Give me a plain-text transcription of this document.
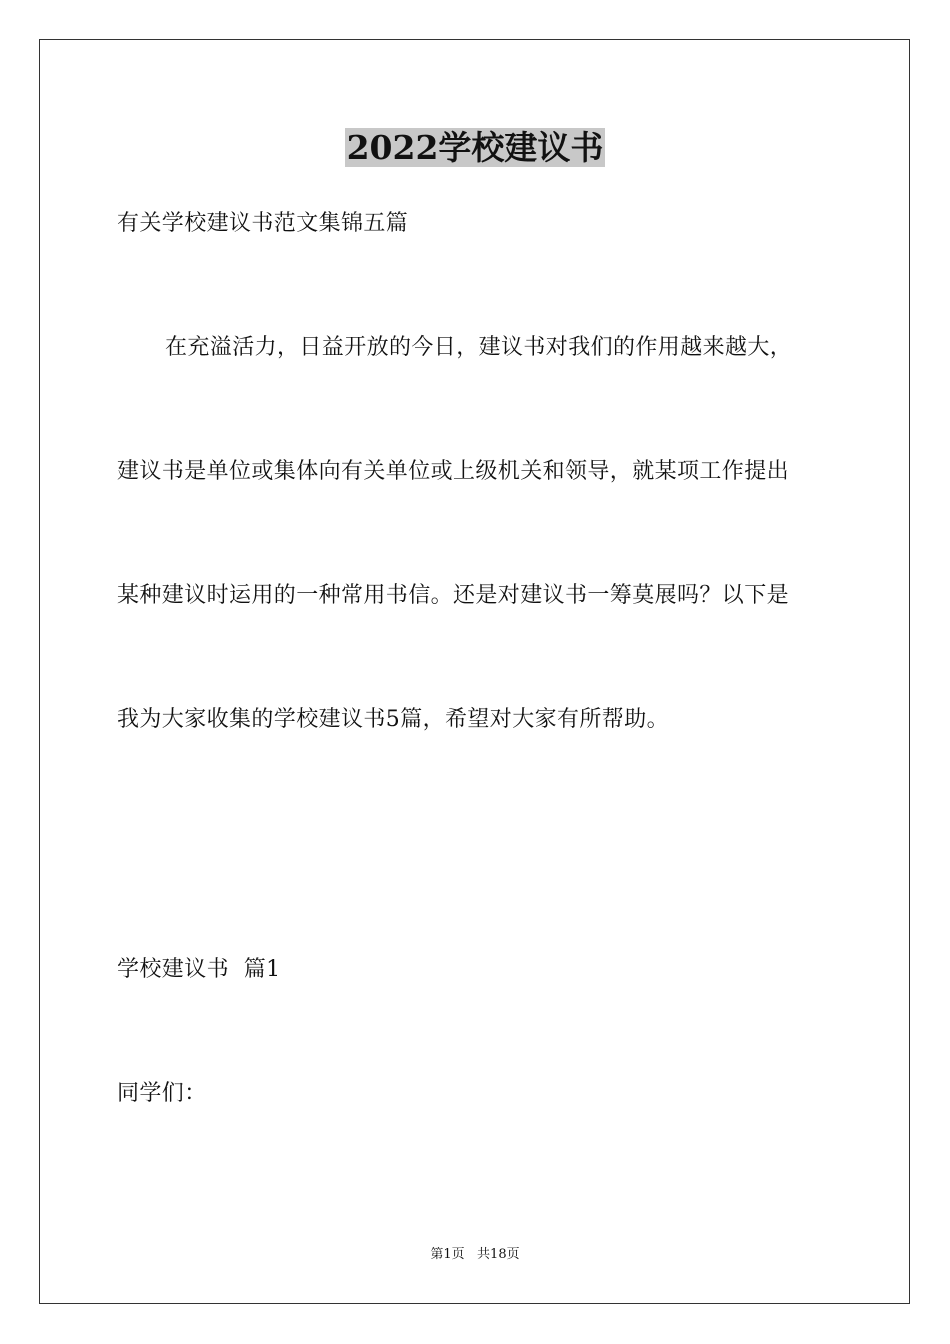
2022学校建议书
有关学校建议书范文集锦五篇
在充溢活力，日益开放的今日，建议书对我们的作用越来越大，
建议书是单位或集体向有关单位或上级机关和领导，就某项工作提出
某种建议时运用的一种常用书信。还是对建议书一筹莫展吗？以下是
我为大家收集的学校建议书5篇，希望对大家有所帮助。
学校建议书  篇1
同学们：
第1页   共18页
